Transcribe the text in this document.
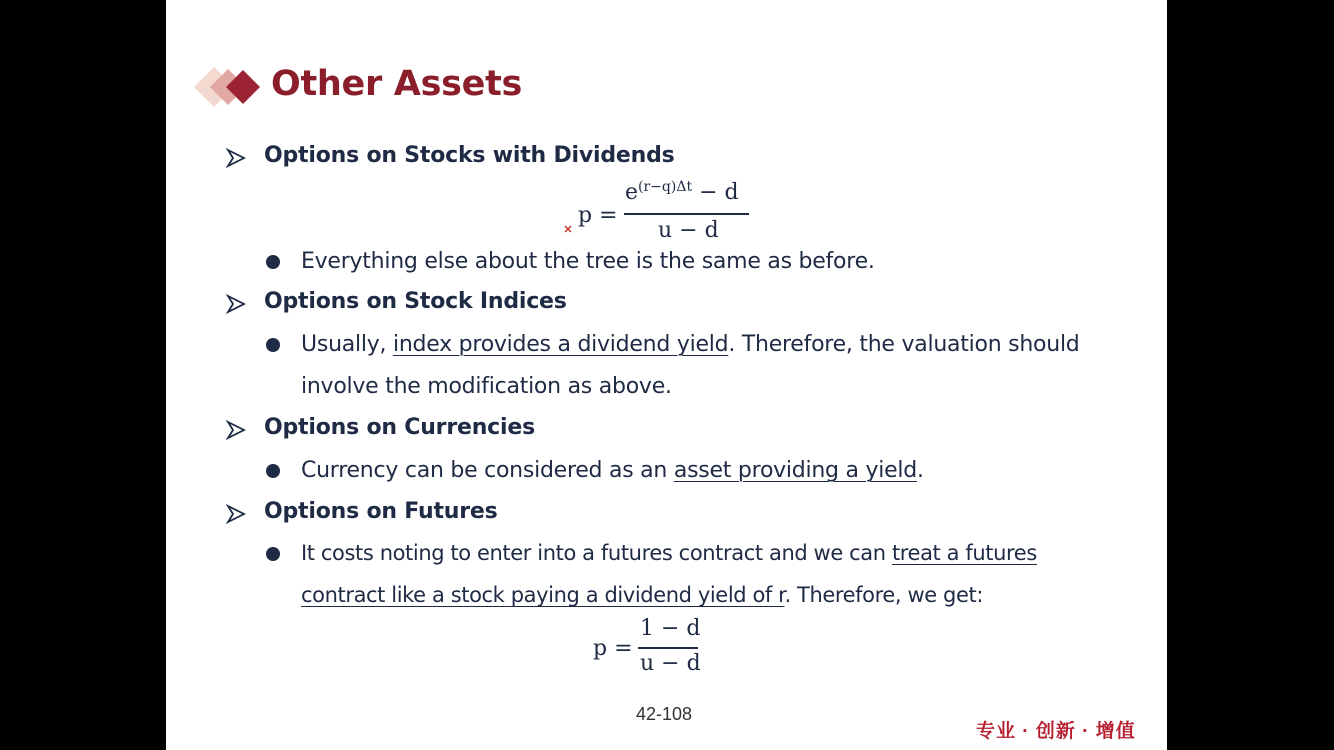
Other Assets
Options on Stocks with Dividends
p =
$e^{(r-q)\Delta t} - d$
u − d
Everything else about the tree is the same as before.
Options on Stock Indices
Usually, index provides a dividend yield. Therefore, the valuation should
involve the modification as above.
Options on Currencies
Currency can be considered as an asset providing a yield.
Options on Futures
It costs noting to enter into a futures contract and we can treat a futures
contract like a stock paying a dividend yield of r. Therefore, we get:
p =
1 − d
u − d
42-108
专业 · 创新 · 增值
